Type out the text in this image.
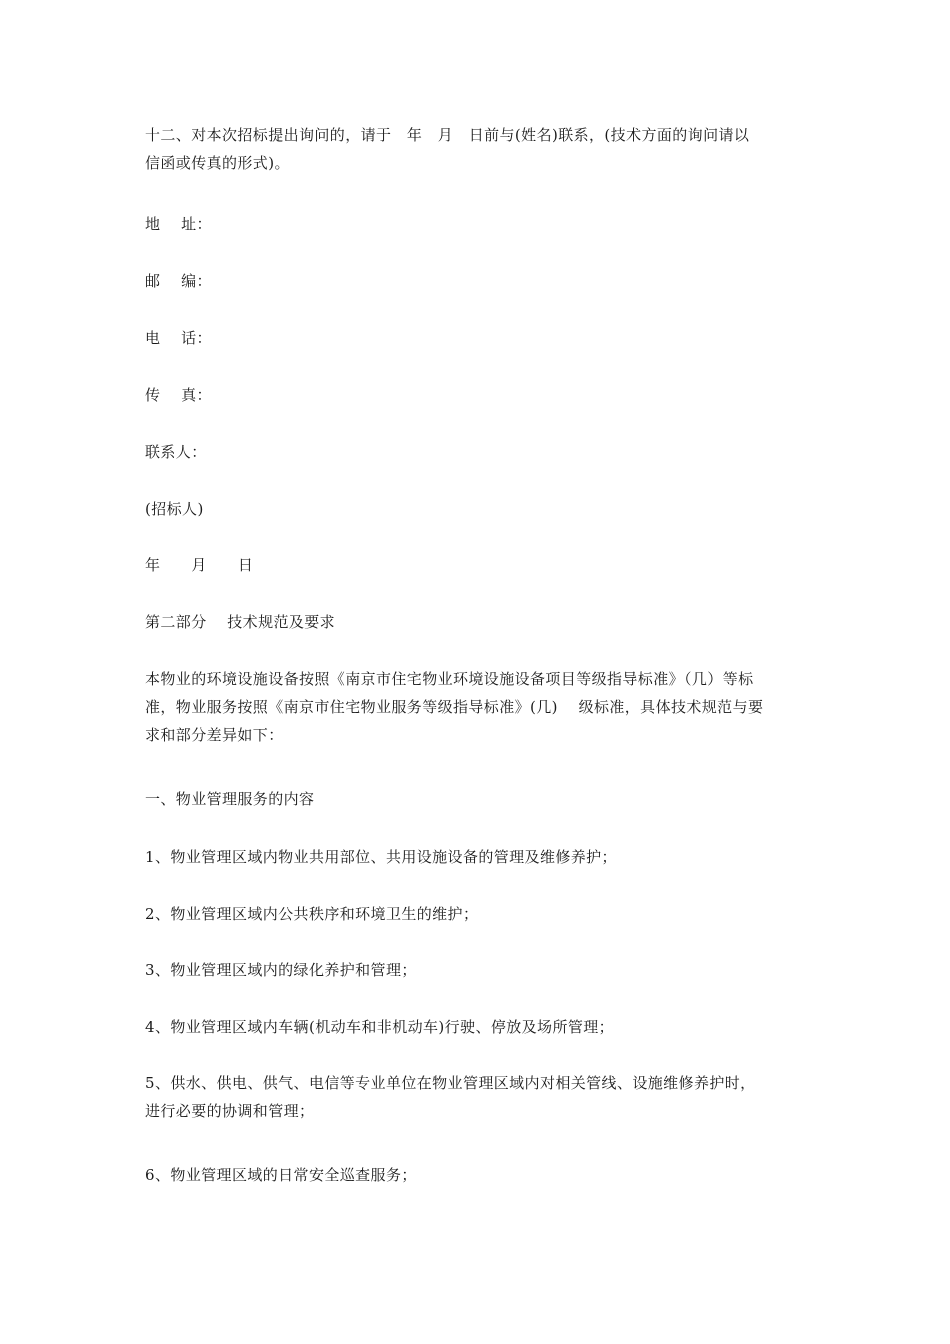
十二、对本次招标提出询问的，请于   年   月   日前与(姓名)联系，(技术方面的询问请以
信函或传真的形式)。
地    址：
邮    编：
电    话：
传    真：
联系人：
(招标人)
年      月      日
第二部分    技术规范及要求
本物业的环境设施设备按照《南京市住宅物业环境设施设备项目等级指导标准》（几）等标
准，物业服务按照《南京市住宅物业服务等级指导标准》(几)    级标准，具体技术规范与要
求和部分差异如下：
一、物业管理服务的内容
1、物业管理区域内物业共用部位、共用设施设备的管理及维修养护；
2、物业管理区域内公共秩序和环境卫生的维护；
3、物业管理区域内的绿化养护和管理；
4、物业管理区域内车辆(机动车和非机动车)行驶、停放及场所管理；
5、供水、供电、供气、电信等专业单位在物业管理区域内对相关管线、设施维修养护时，
进行必要的协调和管理；
6、物业管理区域的日常安全巡查服务；
